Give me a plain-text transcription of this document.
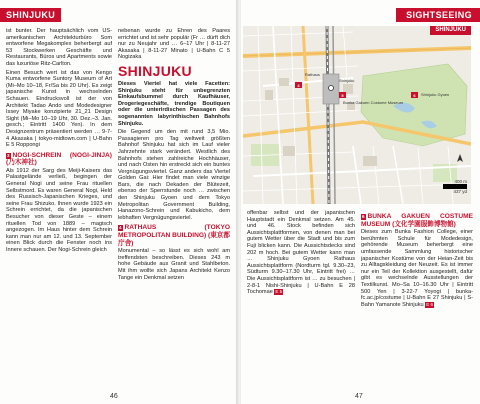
SHINJUKU

ist bunter. Der hauptsächlich vom US-amerikanischen Architekturbüro Som entworfene Megakomplex beherbergt auf 53 Stockwerken Geschäfte und Restaurants, Büros und Apartments sowie das luxuriöse Ritz-Carlton.

Einen Besuch wert ist das von Kengo Kuma entworfene Suntory Museum of Art (Mi–Mo 10–18, Fr/Sa bis 20 Uhr). Es zeigt japanische Kunst in wechselnden Schauen. Eindrucksvoll ist der von Architekt Tadao Ando und Modedesigner Issey Miyake konzipierte 21_21 Design Sight (Mi–Mo 10–19 Uhr, 30. Dez.–3. Jan. gesch.; Eintritt 1400 Yen). In dem Designzentrum präsentiert werden … 9-7-4 Akasaka | tokyo-midtown.com | U-Bahn E 5 Roppongi

3 NOGI-SCHREIN (NOGI-JINJA) (乃木神社)

Als 1912 der Sarg des Meiji-Kaisers das Palastgelände verließ, begingen der General Nogi und seine Frau rituellen Selbstmord. Es waren General Nogi, Held des Russisch-Japanischen Krieges, und seine Frau Shizuko. Ihnen wurde 1923 ein Schrein errichtet, da die japanischen Besucher von dieser Geste – einem rituellen Tod von 1889 – magisch angezogen. Im Haus hinter dem Schrein kann man nur am 12. und 13. September einen Blick durch die Fenster noch ins Innere schauen. Der Nogi-Schrein gleich

nebenan wurde zu Ehren des Paares errichtet und ist sehr populär (Fr … dürft dich nur zu Neujahr und … 6–17 Uhr | 8-11-27 Akasaka | 8-11-27 Minato | U-Bahn C 5 Nogizaka

SHINJUKU

Dieses Viertel hat viele Facetten: Shinjuku steht für unbegrenzten Einkaufsbummel durch Kaufhäuser, Drogeriegeschäfte, trendige Boutiquen oder die unterirdischen Passagen des sogenannten labyrinthischen Bahnhofs Shinjuku.

Die Gegend um den mit rund 3,5 Mio. Passagieren pro Tag weltweit größten Bahnhof Shinjuku hat sich im Lauf vieler Jahrzehnte stark verändert. Westlich des Bahnhofs stehen zahlreiche Hochhäuser, und nach Osten hin erstreckt sich ein buntes Vergnügungsviertel. Ganz anders das Viertel Golden Gai: Hier findet man viele winzige Bars, die nach Dekaden der Blütezeit, ebenso der Sperrstunde noch … zwischen den Shinjuku Gyoen und dem Tokyo Metropolitan Government Building, Hanazono-Schrein und Kabukicho, dem lebhaften Vergnügungsviertel.

4 RATHAUS (TOKYO METROPOLITAN BUILDING) (東京都庁舎)

Monumental – so lässt es sich wohl am treffendsten beschreiben. Dieses 243 m hohe Gebäude aus Granit und Stahlbeton. Mit ihm wollte sich Japans Architekt Kenzo Tange ein Denkmal setzen

46
SIGHTSEEING
4
5	6 Shinjuku Gyoen
Rathaus
Shinjuku
Bunka Gakuen Costume Museum
SHINJUKU
400 m
437 yd

offenbar selbst und der japanischen Hauptstadt ein Denkmal setzen. Am 45. und 46. Stock befinden sich Aussichtsplattformen, von denen man bei gutem Wetter über die Stadt und bis zum Fuji blicken kann. Die Aussichtsdecks sind 202 m hoch. Bei gutem Wetter kann man … Shinjuku Gyoen Rathaus Aussichtsplattform (Nordturm tgl. 9.30–23, Südturm 9.30–17.30 Uhr, Eintritt frei) … Die Aussichtsplattform ist … zu besuchen | 2-8-1 Nishi-Shinjuku | U-Bahn E 28 Tochomae E 5

6 BUNKA GAKUEN COSTUME MUSEUM (文化学園服飾博物館)

Dieses zum Bunka Fashion College, einer berühmten Schule für Modedesign, gehörende Museum beherbergt eine umfassende Sammlung historischer japanischer Kostüme von der Heian-Zeit bis zu Alltagskleidung der Neuzeit. Es ist immer nur ein Teil der Kollektion ausgestellt, dafür gibt es wechselnde Ausstellungen der Textilkunst. Mo–Sa 10–16.30 Uhr | Eintritt 500 Yen | 3-22-7 Yoyogi | bunka-fc.ac.jp/costume | U-Bahn E 27 Shinjuku | S-Bahn Yamanote Shinjuku E 6

47
